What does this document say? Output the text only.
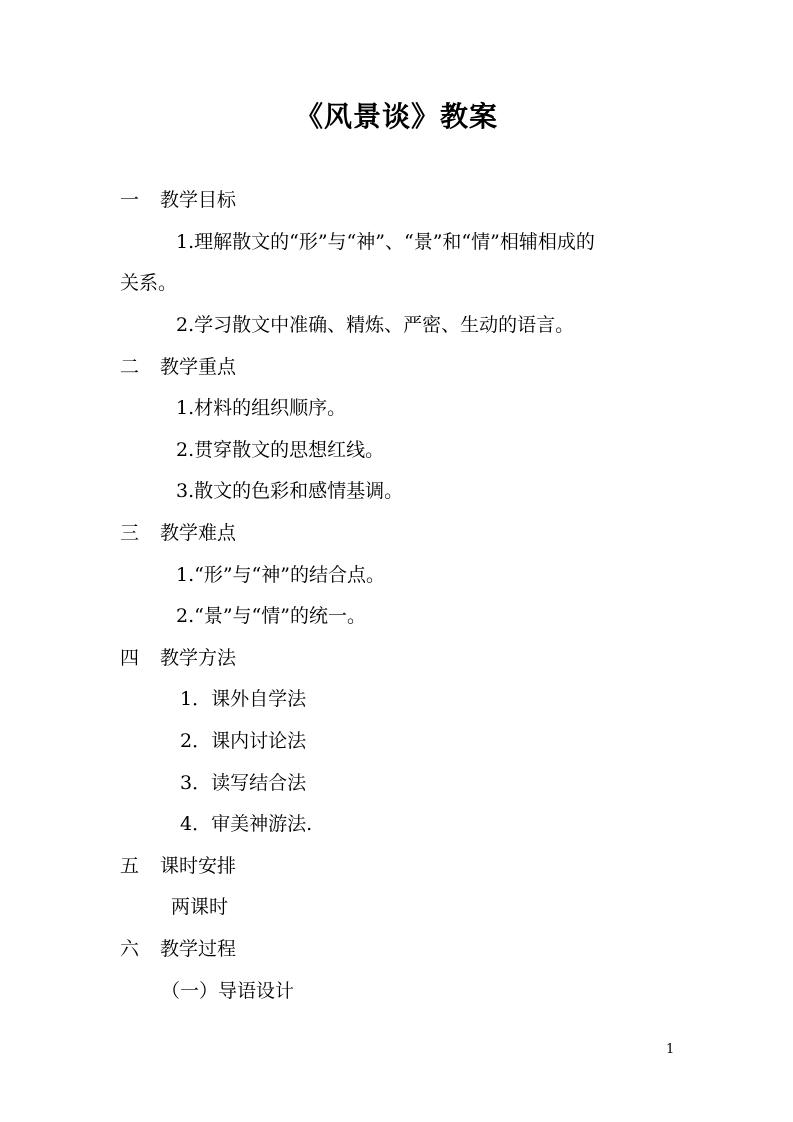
《风景谈》教案
一 教学目标
1.理解散文的“形”与“神”、“景”和“情”相辅相成的
关系。
2.学习散文中准确、精炼、严密、生动的语言。
二 教学重点
1.材料的组织顺序。
2.贯穿散文的思想红线。
3.散文的色彩和感情基调。
三 教学难点
1.“形”与“神”的结合点。
2.“景”与“情”的统一。
四 教学方法
1．课外自学法
2．课内讨论法
3．读写结合法
4．审美神游法.
五 课时安排
两课时
六 教学过程
（一）导语设计
1
